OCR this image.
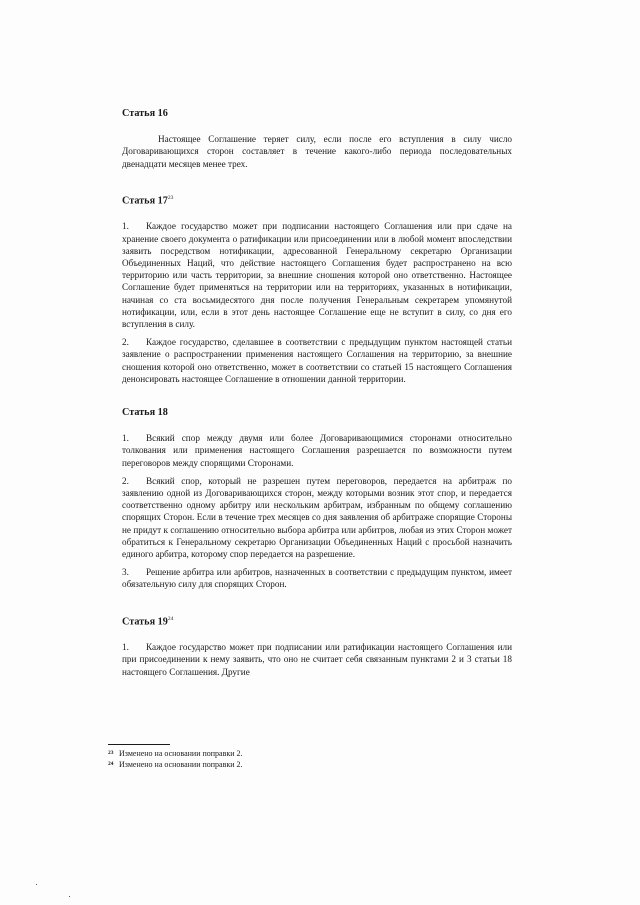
Статья 16

Настоящее Соглашение теряет силу, если после его вступления в силу число Договаривающихся сторон составляет в течение какого-либо периода последовательных двенадцати месяцев менее трех.

Статья $17^{23}$

1. Каждое государство может при подписании настоящего Соглашения или при сдаче на хранение своего документа о ратификации или присоединении или в любой момент впоследствии заявить посредством нотификации, адресованной Генеральному секретарю Организации Объединенных Наций, что действие настоящего Соглашения будет распространено на всю территорию или часть территории, за внешние сношения которой оно ответственно. Настоящее Соглашение будет применяться на территории или на территориях, указанных в нотификации, начиная со ста восьмидесятого дня после получения Генеральным секретарем упомянутой нотификации, или, если в этот день настоящее Соглашение еще не вступит в силу, со дня его вступления в силу.

2. Каждое государство, сделавшее в соответствии с предыдущим пунктом настоящей статьи заявление о распространении применения настоящего Соглашения на территорию, за внешние сношения которой оно ответственно, может в соответствии со статьей 15 настоящего Соглашения денонсировать настоящее Соглашение в отношении данной территории.

Статья 18

1. Всякий спор между двумя или более Договаривающимися сторонами относительно толкования или применения настоящего Соглашения разрешается по возможности путем переговоров между спорящими Сторонами.

2. Всякий спор, который не разрешен путем переговоров, передается на арбитраж по заявлению одной из Договаривающихся сторон, между которыми возник этот спор, и передается соответственно одному арбитру или нескольким арбитрам, избранным по общему соглашению спорящих Сторон. Если в течение трех месяцев со дня заявления об арбитраже спорящие Стороны не придут к соглашению относительно выбора арбитра или арбитров, любая из этих Сторон может обратиться к Генеральному секретарю Организации Объединенных Наций с просьбой назначить единого арбитра, которому спор передается на разрешение.

3. Решение арбитра или арбитров, назначенных в соответствии с предыдущим пунктом, имеет обязательную силу для спорящих Сторон.

Статья $19^{24}$

1. Каждое государство может при подписании или ратификации настоящего Соглашения или при присоединении к нему заявить, что оно не считает себя связанным пунктами 2 и 3 статьи 18 настоящего Соглашения. Другие

23 Изменено на основании поправки 2.
24 Изменено на основании поправки 2.
